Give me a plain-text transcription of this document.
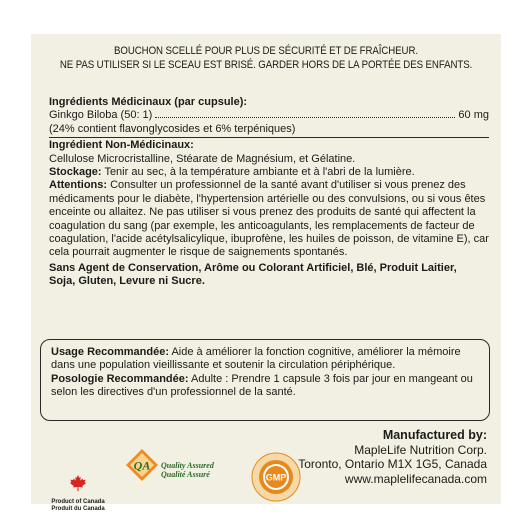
BOUCHON SCELLÉ POUR PLUS DE SÉCURITÉ ET DE FRAÎCHEUR.
NE PAS UTILISER SI LE SCEAU EST BRISÉ. GARDER HORS DE LA PORTÉE DES ENFANTS.
Ingrédients Médicinaux (par cupsule):
Ginkgo Biloba (50: 1)	60 mg
(24% contient flavonglycosides et 6% terpéniques)
Ingrédient Non-Médicinaux:
Cellulose Microcristalline, Stéarate de Magnésium, et Gélatine.
Stockage: Tenir au sec, à la température ambiante et à l'abri de la lumière.
Attentions: Consulter un professionnel de la santé avant d'utiliser si vous prenez des
médicaments pour le diabète, l'hypertension artérielle ou des convulsions, ou si vous êtes
enceinte ou allaitez. Ne pas utiliser si vous prenez des produits de santé qui affectent la
coagulation du sang (par exemple, les anticoagulants, les remplacements de facteur de
coagulation, l'acide acétylsalicylique, ibuprofène, les huiles de poisson, de vitamine E), car
cela pourrait augmenter le risque de saignements spontanés.
Sans Agent de Conservation, Arôme ou Colorant Artificiel, Blé, Produit Laitier,
Soja, Gluten, Levure ni Sucre.
Usage Recommandée: Aide à améliorer la fonction cognitive, améliorer la mémoire
dans une population vieillissante et soutenir la circulation périphérique.
Posologie Recommandée: Adulte : Prendre 1 capsule 3 fois par jour en mangeant ou
selon les directives d'un professionnel de la santé.
Product of Canada
Produit du Canada
QA Quality Assured
Qualité Assuré	GMP
Manufactured by:
MapleLife Nutrition Corp.
Toronto, Ontario M1X 1G5, Canada
www.maplelifecanada.com
